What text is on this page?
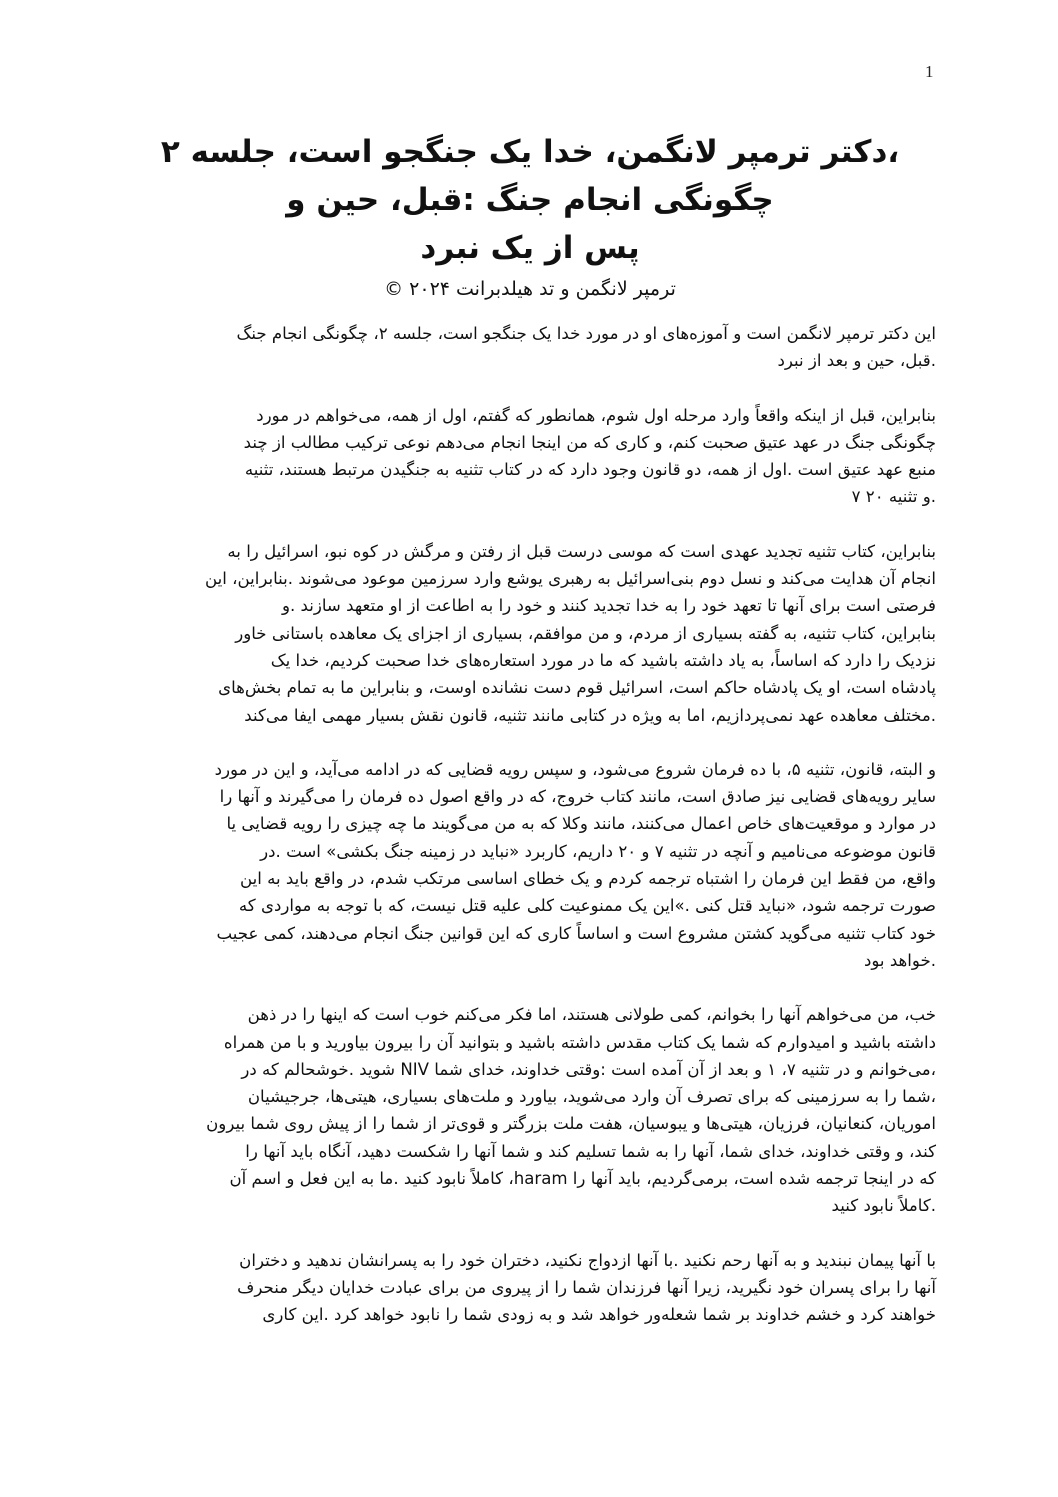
1
،دکتر ترمپر لانگمن، خدا یک جنگجو است، جلسه ۲
چگونگی انجام جنگ :قبل، حین و
پس از یک نبرد
ترمپر لانگمن و تد هیلدبرانت ۲۰۲۴ ©

این دکتر ترمپر لانگمن است و آموزه‌های او در مورد خدا یک جنگجو است، جلسه ۲، چگونگی انجام جنگ
.قبل، حین و بعد از نبرد

بنابراین، قبل از اینکه واقعاً وارد مرحله اول شوم، همانطور که گفتم، اول از همه، می‌خواهم در مورد
چگونگی جنگ در عهد عتیق صحبت کنم، و کاری که من اینجا انجام می‌دهم نوعی ترکیب مطالب از چند
منبع عهد عتیق است .اول از همه، دو قانون وجود دارد که در کتاب تثنیه به جنگیدن مرتبط هستند، تثنیه
.و تثنیه ۲۰ ۷

بنابراین، کتاب تثنیه تجدید عهدی است که موسی درست قبل از رفتن و مرگش در کوه نبو، اسرائیل را به
انجام آن هدایت می‌کند و نسل دوم بنی‌اسرائیل به رهبری یوشع وارد سرزمین موعود می‌شوند .بنابراین، این
فرصتی است برای آنها تا تعهد خود را به خدا تجدید کنند و خود را به اطاعت از او متعهد سازند .و
بنابراین، کتاب تثنیه، به گفته بسیاری از مردم، و من موافقم، بسیاری از اجزای یک معاهده باستانی خاور
نزدیک را دارد که اساساً، به یاد داشته باشید که ما در مورد استعاره‌های خدا صحبت کردیم، خدا یک
پادشاه است، او یک پادشاه حاکم است، اسرائیل قوم دست نشانده اوست، و بنابراین ما به تمام بخش‌های
.مختلف معاهده عهد نمی‌پردازیم، اما به ویژه در کتابی مانند تثنیه، قانون نقش بسیار مهمی ایفا می‌کند

و البته، قانون، تثنیه ۵، با ده فرمان شروع می‌شود، و سپس رویه قضایی که در ادامه می‌آید، و این در مورد
سایر رویه‌های قضایی نیز صادق است، مانند کتاب خروج، که در واقع اصول ده فرمان را می‌گیرند و آنها را
در موارد و موقعیت‌های خاص اعمال می‌کنند، مانند وکلا که به من می‌گویند ما چه چیزی را رویه قضایی یا
قانون موضوعه می‌نامیم و آنچه در تثنیه ۷ و ۲۰ داریم، کاربرد «نباید در زمینه جنگ بکشی» است .در
واقع، من فقط این فرمان را اشتباه ترجمه کردم و یک خطای اساسی مرتکب شدم، در واقع باید به این
صورت ترجمه شود، «نباید قتل کنی .»این یک ممنوعیت کلی علیه قتل نیست، که با توجه به مواردی که
خود کتاب تثنیه می‌گوید کشتن مشروع است و اساساً کاری که این قوانین جنگ انجام می‌دهند، کمی عجیب
.خواهد بود

خب، من می‌خواهم آنها را بخوانم، کمی طولانی هستند، اما فکر می‌کنم خوب است که اینها را در ذهن
داشته باشید و امیدوارم که شما یک کتاب مقدس داشته باشید و بتوانید آن را بیرون بیاورید و با من همراه
،می‌خوانم و در تثنیه ۷، ۱ و بعد از آن آمده است :وقتی خداوند، خدای شما NIV شوید .خوشحالم که در
،شما را به سرزمینی که برای تصرف آن وارد می‌شوید، بیاورد و ملت‌های بسیاری، هیتی‌ها، جرجیشیان
اموریان، کنعانیان، فرزیان، هیتی‌ها و یبوسیان، هفت ملت بزرگتر و قوی‌تر از شما را از پیش روی شما بیرون
کند، و وقتی خداوند، خدای شما، آنها را به شما تسلیم کند و شما آنها را شکست دهید، آنگاه باید آنها را
که در اینجا ترجمه شده است، برمی‌گردیم، باید آنها را haram، کاملاً نابود کنید .ما به این فعل و اسم آن
.کاملاً نابود کنید

با آنها پیمان نبندید و به آنها رحم نکنید .با آنها ازدواج نکنید، دختران خود را به پسرانشان ندهید و دختران
آنها را برای پسران خود نگیرید، زیرا آنها فرزندان شما را از پیروی من برای عبادت خدایان دیگر منحرف
خواهند کرد و خشم خداوند بر شما شعله‌ور خواهد شد و به زودی شما را نابود خواهد کرد .این کاری
